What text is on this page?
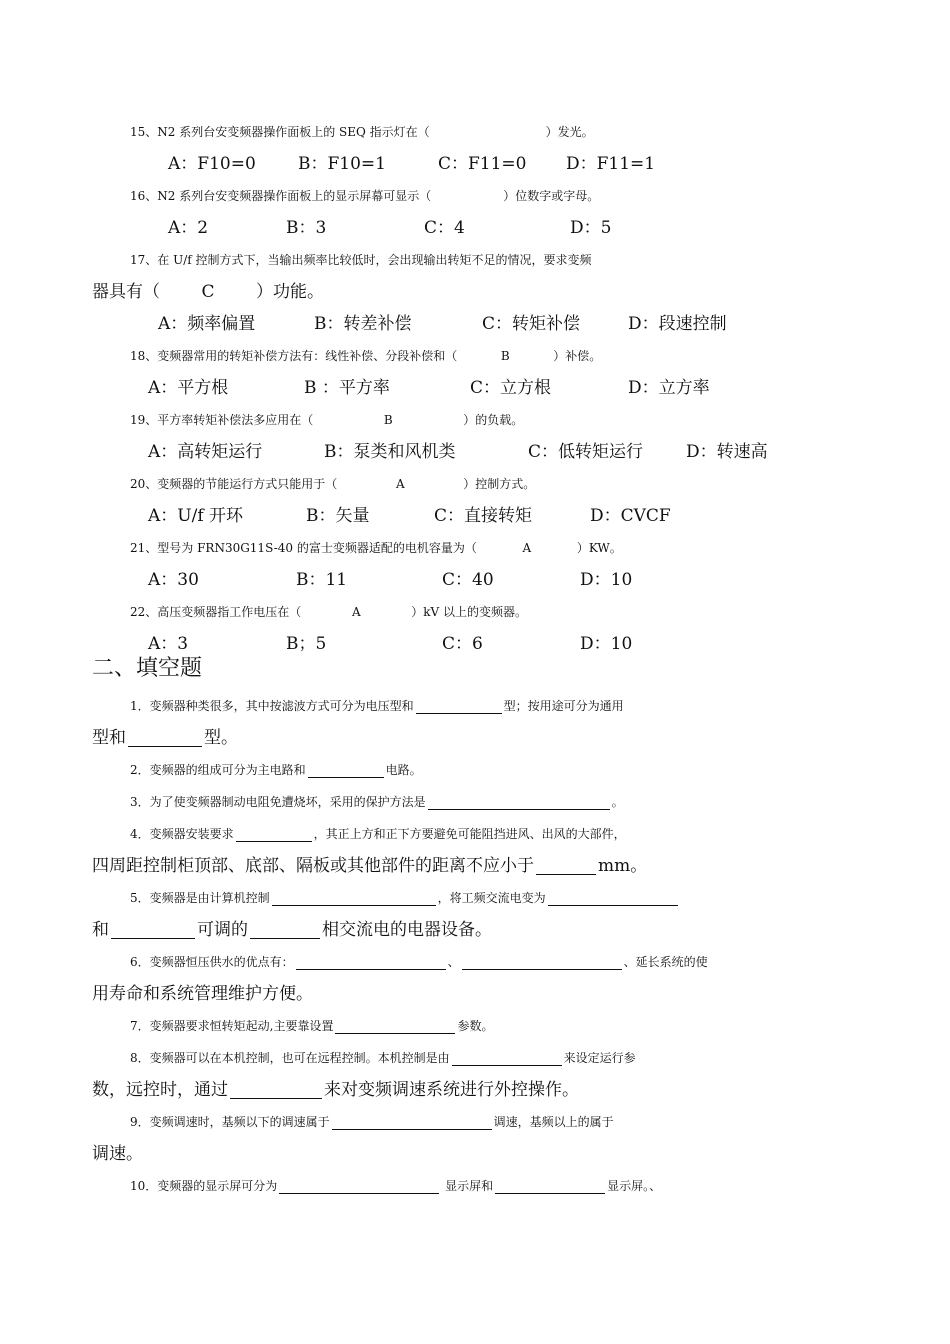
15、N2 系列台安变频器操作面板上的 SEQ 指示灯在（	）发光。
A：F10=0 B：F10=1	C：F11=0 D：F11=1
16、N2 系列台安变频器操作面板上的显示屏幕可显示（	）位数字或字母。
A：2	B：3	C：4	D：5
17、在 U/f 控制方式下，当输出频率比较低时，会出现输出转矩不足的情况，要求变频
器具有（ C ）功能。
A：频率偏置	B：转差补偿	C：转矩补偿	D：段速控制
18、变频器常用的转矩补偿方法有：线性补偿、分段补偿和（	B	）补偿。
A：平方根	B ：平方率	C：立方根	D：立方率
19、平方率转矩补偿法多应用在（	B	）的负载。
A：高转矩运行	B：泵类和风机类	C：低转矩运行	D：转速高
20、变频器的节能运行方式只能用于（	A	）控制方式。
A：U/f 开环	B：矢量	C：直接转矩	D：CVCF
21、型号为 FRN30G11S-40 的富士变频器适配的电机容量为（	A	）KW。
A：30	B：11	C：40	D：10
22、高压变频器指工作电压在（	A	）kV 以上的变频器。
A：3	B；5	C：6	D：10
二、填空题
1．变频器种类很多，其中按滤波方式可分为电压型和	型；按用途可分为通用
型和	型。
2．变频器的组成可分为主电路和	电路。
3．为了使变频器制动电阻免遭烧坏，采用的保护方法是	。
4．变频器安装要求	，其正上方和正下方要避免可能阻挡进风、出风的大部件，
四周距控制柜顶部、底部、隔板或其他部件的距离不应小于	mm。
5．变频器是由计算机控制	，将工频交流电变为
和	可调的	相交流电的电器设备。
6．变频器恒压供水的优点有：	、	、延长系统的使
用寿命和系统管理维护方便。
7．变频器要求恒转矩起动,主要靠设置	参数。
8．变频器可以在本机控制，也可在远程控制。本机控制是由	来设定运行参
数，远控时，通过	来对变频调速系统进行外控操作。
9．变频调速时，基频以下的调速属于	调速，基频以上的属于
调速。
10．变频器的显示屏可分为	显示屏和	显示屏。、
